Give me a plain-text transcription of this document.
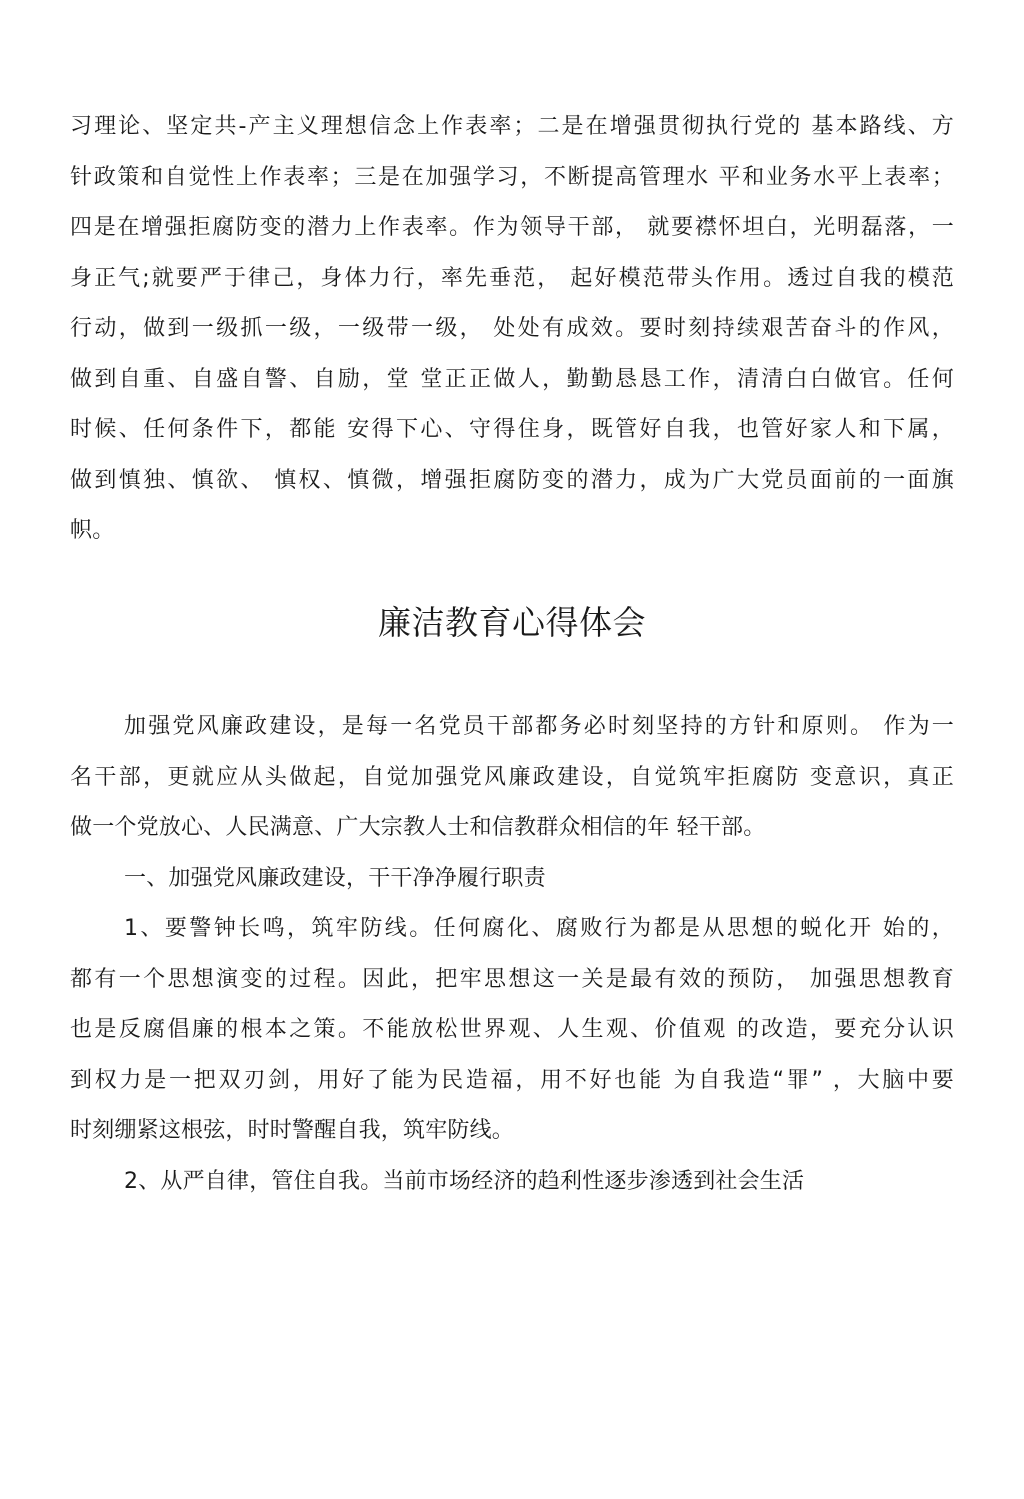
习理论、坚定共-产主义理想信念上作表率；二是在增强贯彻执行党的 基本路线、方
针政策和自觉性上作表率；三是在加强学习，不断提高管理水 平和业务水平上表率；
四是在增强拒腐防变的潜力上作表率。作为领导干部， 就要襟怀坦白，光明磊落，一
身正气;就要严于律己，身体力行，率先垂范， 起好模范带头作用。透过自我的模范
行动，做到一级抓一级，一级带一级， 处处有成效。要时刻持续艰苦奋斗的作风，
做到自重、自盛自警、自励，堂 堂正正做人，勤勤恳恳工作，清清白白做官。任何
时候、任何条件下，都能 安得下心、守得住身，既管好自我，也管好家人和下属，
做到慎独、慎欲、 慎权、慎微，增强拒腐防变的潜力，成为广大党员面前的一面旗
帜。
廉洁教育心得体会
加强党风廉政建设，是每一名党员干部都务必时刻坚持的方针和原则。 作为一
名干部，更就应从头做起，自觉加强党风廉政建设，自觉筑牢拒腐防 变意识，真正
做一个党放心、人民满意、广大宗教人士和信教群众相信的年 轻干部。
一、加强党风廉政建设，干干净净履行职责
1、要警钟长鸣，筑牢防线。任何腐化、腐败行为都是从思想的蜕化开 始的，
都有一个思想演变的过程。因此，把牢思想这一关是最有效的预防， 加强思想教育
也是反腐倡廉的根本之策。不能放松世界观、人生观、价值观 的改造，要充分认识
到权力是一把双刃剑，用好了能为民造福，用不好也能 为自我造“罪” ，大脑中要
时刻绷紧这根弦，时时警醒自我，筑牢防线。
2、从严自律，管住自我。当前市场经济的趋利性逐步渗透到社会生活
